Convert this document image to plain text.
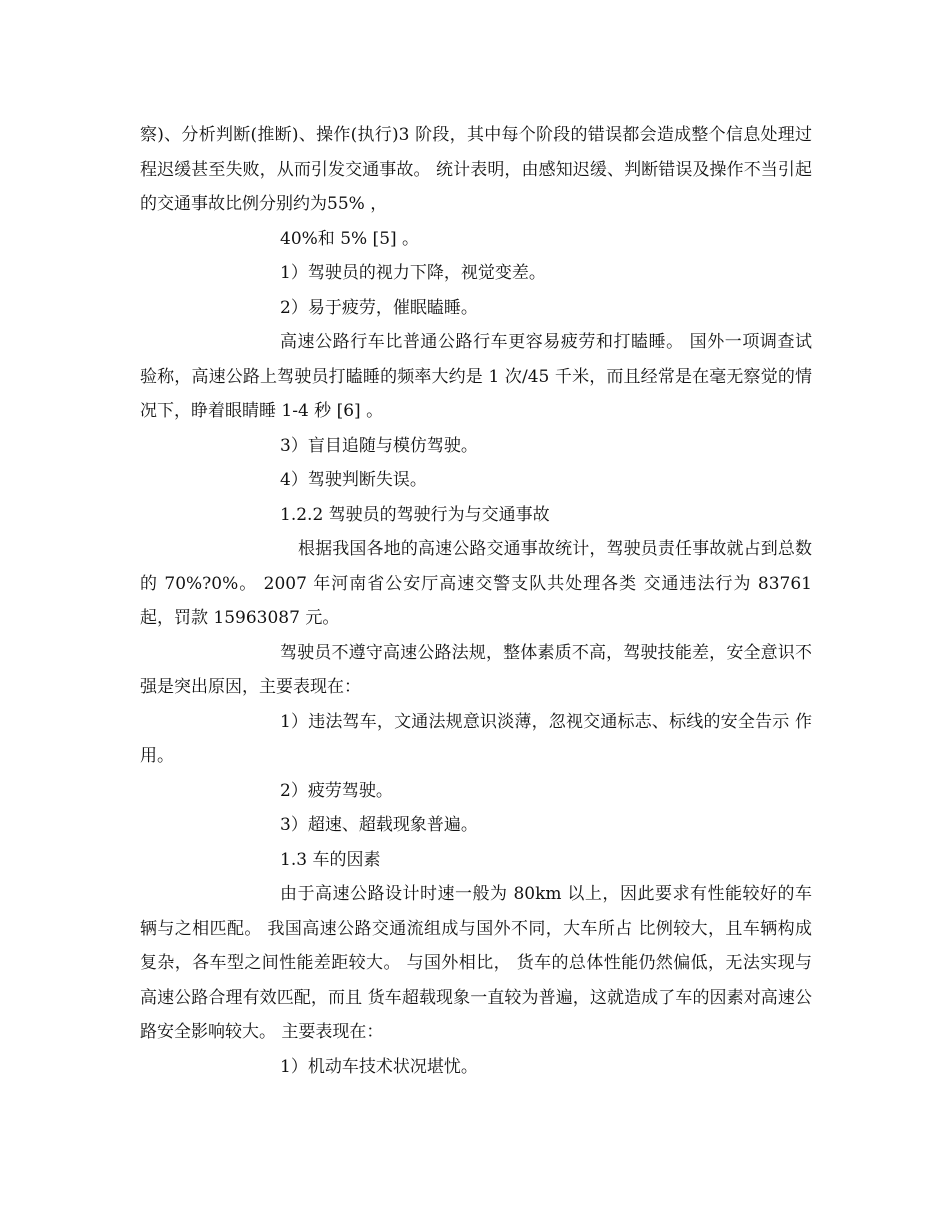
察)、分析判断(推断)、操作(执行)3 阶段，其中每个阶段的错误都会造成整个信息处理过程迟缓甚至失败，从而引发交通事故。 统计表明，由感知迟缓、判断错误及操作不当引起的交通事故比例分别约为55% ，

40%和 5% [5] 。

1）驾驶员的视力下降，视觉变差。

2）易于疲劳，催眠瞌睡。

高速公路行车比普通公路行车更容易疲劳和打瞌睡。 国外一项调查试验称，高速公路上驾驶员打瞌睡的频率大约是 1 次/45 千米，而且经常是在毫无察觉的情况下，睁着眼睛睡 1-4 秒 [6] 。

3）盲目追随与模仿驾驶。

4）驾驶判断失误。

1.2.2 驾驶员的驾驶行为与交通事故

根据我国各地的高速公路交通事故统计，驾驶员责任事故就占到总数的 70%?0%。 2007 年河南省公安厅高速交警支队共处理各类 交通违法行为 83761 起，罚款 15963087 元。

驾驶员不遵守高速公路法规，整体素质不高，驾驶技能差，安全意识不强是突出原因，主要表现在：

1）违法驾车，文通法规意识淡薄，忽视交通标志、标线的安全告示 作用。

2）疲劳驾驶。

3）超速、超载现象普遍。

1.3 车的因素

由于高速公路设计时速一般为 80km 以上，因此要求有性能较好的车辆与之相匹配。 我国高速公路交通流组成与国外不同，大车所占 比例较大，且车辆构成复杂，各车型之间性能差距较大。 与国外相比， 货车的总体性能仍然偏低，无法实现与高速公路合理有效匹配，而且 货车超载现象一直较为普遍，这就造成了车的因素对高速公路安全影响较大。 主要表现在：

1）机动车技术状况堪忧。
